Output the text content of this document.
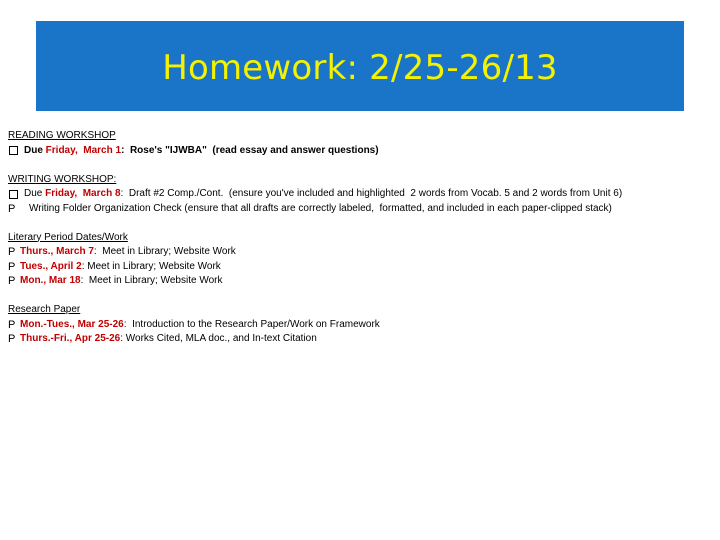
Homework: 2/25-26/13
READING WORKSHOP
Due Friday,  March 1 :  Rose's "IJWBA"  (read essay and answer questions)
WRITING WORKSHOP:
Due Friday,  March 8 :  Draft #2 Comp./Cont.  (ensure you've included and highlighted  2 words from Vocab. 5 and 2 words from Unit 6)
P	Writing Folder Organization Check (ensure that all drafts are correctly labeled,  formatted, and included in each paper-clipped stack)
Literary Period Dates/Work
P Thurs., March 7 :  Meet in Library; Website Work
P Tues., April 2 : Meet in Library; Website Work
P Mon., Mar 18 :  Meet in Library; Website Work
Research Paper
P Mon.-Tues., Mar 25-26 :  Introduction to the Research Paper/Work on Framework
P Thurs.-Fri., Apr 25-26 : Works Cited, MLA doc., and In-text Citation
